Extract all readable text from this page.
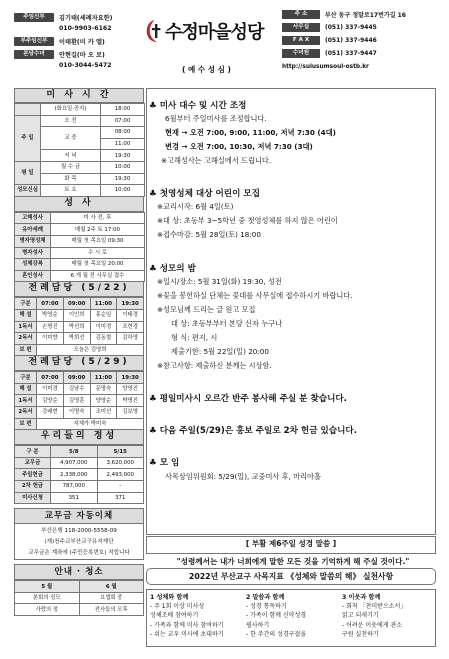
주임신부	김기태(세례자요한)
010-9903-6162
부주임신부	이태환(미 카 엘)
본당수녀	안현길(마 오 로)
010-3044-5472
수정마을성당
( 예 수 성 심 )
주 소	부산 동구 정말로17번가길 16
사무실	(051) 337-9445
F A X	(051) 337-9446
수녀원	(051) 337-9447
http://suiusumsoul-ostb.kr
미 사 시 간
	(화요일·공지)	18:00
주 일	오 전	07:00
	교 중	08:00
		11:00
	저 녁	19:30
평 일	월 수 금	10:00
	화 목	19:30
성모신심	토 요	10:00
성 사
고해성사	미 사 전, 후
유아세례	매월 2주 토 17:00
병자영성체	매월 첫 목요일 09:30
병자성사	수 시 로
성체강복	매월 첫 목요일 20:00
혼인성사	6 개 월 전 사무실 접수
전례담당 (5/22)
구분	07:00	09:00	11:00	19:30
해 설	박영순	이인희	홍순임	이태경
1독서	손명진	박선희	이미경	조현경
2독서	이미향	박희선	김동철	김하영
보 편	오늘은 김영희			
전례담당 (5/29)
구분	07:00	09:00	11:00	19:30
해 설	이미경	김남수	문명숙	양영진
1독서	김양순	김영훈	양영순	박명진
2독서	강래현	이명숙	조미선	김보영
보 편	지체가 박미숙			
우리들의 정성
구 분	5/8	5/15
교무금	4,907,000	3,620,000
주일헌금	2,338,000	2,493,000
2차 헌금	787,000	-
미사신청	351	371
교무금 자동이체
부산은행 118-2000-5558-09
(재)천주교부산교구유지재단
교무금은 계좌에 (주민등록번호) 적힙니다
안내 · 청소
5 월	6 월
본회의 성모	요셉회 중
사랑의 정	전사들의 모후
♣ 미사 대수 및 시간 조정
6월부터 주일미사를 조정합니다.
현재 → 오전 7:00, 9:00, 11:00, 저녁 7:30 (4대)
변경 → 오전 7:00, 10:30, 저녁 7:30 (3대)
※고해성사는 고해실에서 드립니다.
♣ 첫영성체 대상 어린이 모집
※교리시작: 6월 4일(토)
※대 상: 초등부 3~5학년 중 첫영성체를 하지 않은 어린이
※접수마감: 5월 28일(토) 18:00
♣ 성모의 밤
※일시/장소: 5월 31일(화) 19:30, 성전
※꽃을 봉헌하실 단체는 꽃대를 사무실에 접수하시기 바랍니다.
※성모님께 드리는 글 원고 모집
대 상: 초등부부터 본당 신자 누구나
형 식: 편지, 시
제출기한: 5월 22일(일) 20:00
※참고사항: 제출하신 분께는 시상함.
♣ 평일미사시 오르간 반주 봉사해 주실 분 찾습니다.
♣ 다음 주일(5/29)은 홍보 주일로 2차 헌금 있습니다.
♣ 모 임
사목상임위원회: 5/29(일), 교중미사 후, 마리아홀
[ 부활 제6주일 성경 말씀 ]
"성령께서는 내가 너희에게 말한 모든 것을 기억하게 해 주실 것이다."
2022년 부산교구 사목지표 《성체와 말씀의 해》 실천사항
1 성체와 함께
- 주 1회 이상 미사성
성체조배 참여하기
- 가족과 함께 미사 참여하기
- 쉬는 교우 미사에 초대하기
2 말씀과 함께
- 성경 통독하기
- 가족이 함께 신약성경
필사하기
- 한 주간의 성경구절을
3 이웃과 함께
- 회칙 「찬미받으소서」
읽고 되새기기
- 어려운 이웃에게 관소
구원 실천하기
